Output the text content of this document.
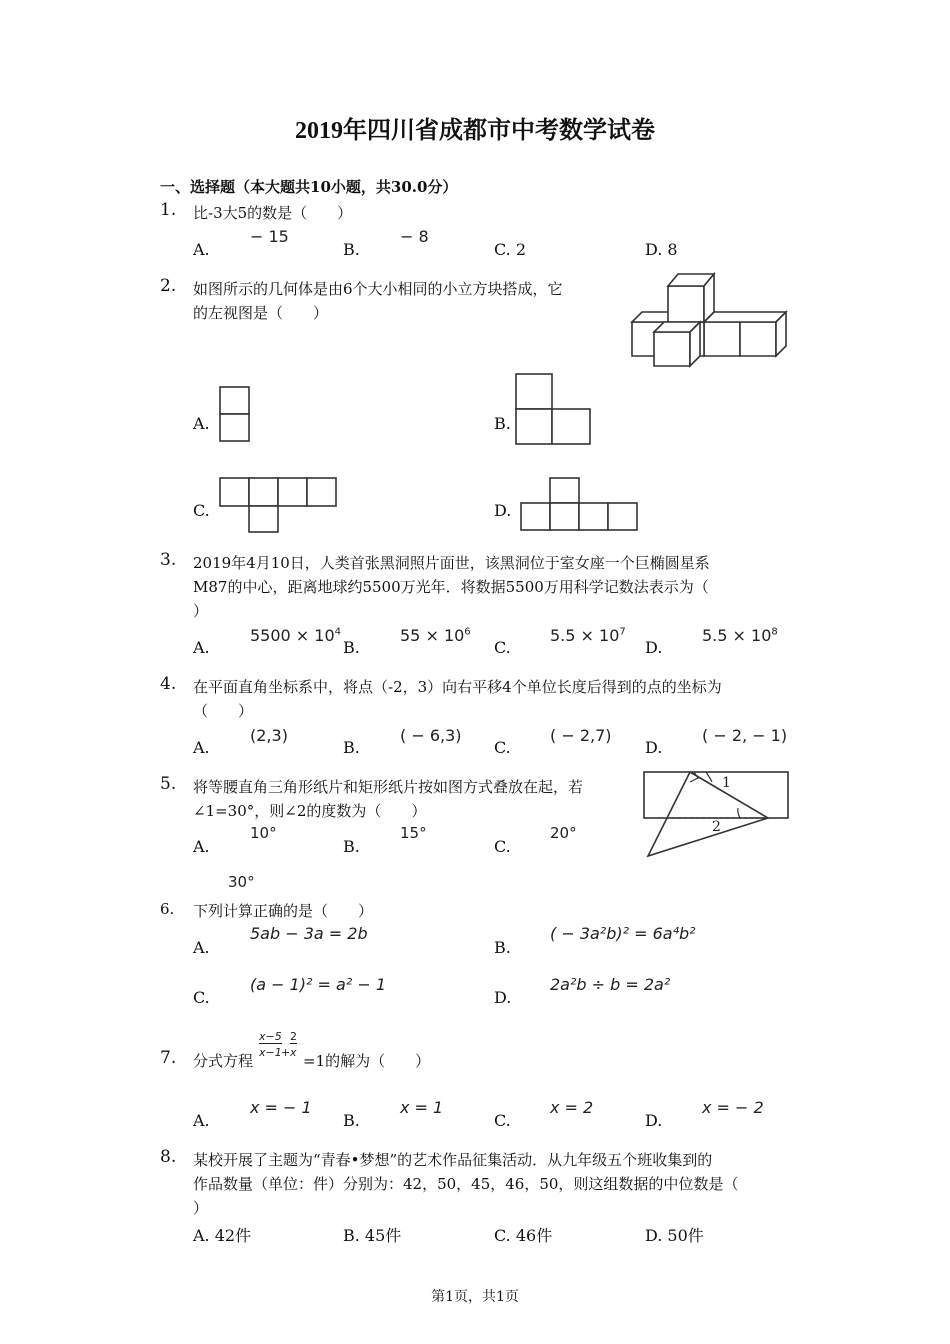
2019年四川省成都市中考数学试卷
一、选择题（本大题共10小题，共30.0分）
1. 比-3大5的数是（　　）
A.
− 15
B.
− 8
C. 2	D. 8
2. 如图所示的几何体是由6个大小相同的小立方块搭成，它
的左视图是（　　）
A.	B.
C.	D.
3. 2019年4月10日，人类首张黑洞照片面世，该黑洞位于室女座一个巨椭圆星系
M87的中心，距离地球约5500万光年．将数据5500万用科学记数法表示为（
）
A.
$5500 \times 10^4$
B.
$55 \times 10^6$
C.
$5.5 \times 10^7$
D.
$5.5 \times 10^8$
4. 在平面直角坐标系中，将点（-2，3）向右平移4个单位长度后得到的点的坐标为
（　　）
A.
(2,3)
B.
( − 6,3)
C.
( − 2,7)
D.
( − 2, − 1)
5. 将等腰直角三角形纸片和矩形纸片按如图方式叠放在起，若
∠1=30°，则∠2的度数为（　　）
1
2
A.
10°
B.
15°
C.
20°
30°
6. 下列计算正确的是（　　）
A.
5ab − 3a = 2b
B.
( − 3a²b)² = 6a⁴b²
C.
(a − 1)² = a² − 1
D.
2a²b ÷ b = 2a²
7. 分式方程
x−5
x−1 +
2
x =1的解为（　　）
A.
x = − 1
B.
x = 1
C.
x = 2
D.
x = − 2
8. 某校开展了主题为“青春•梦想”的艺术作品征集活动．从九年级五个班收集到的
作品数量（单位：件）分别为：42，50，45，46，50，则这组数据的中位数是（
）
A. 42件	B. 45件	C. 46件	D. 50件
第1页，共1页
